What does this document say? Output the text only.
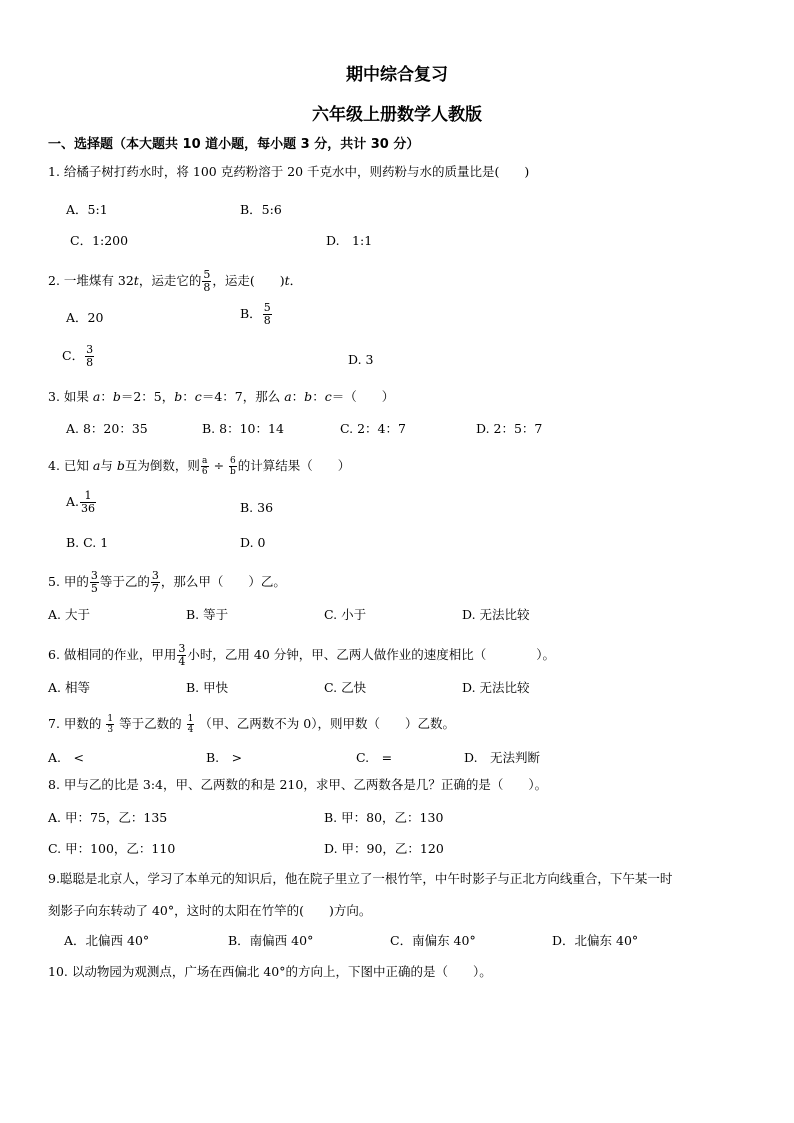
期中综合复习
六年级上册数学人教版
一、选择题（本大题共 10 道小题，每小题 3 分，共计 30 分）
1. 给橘子树打药水时，将 100 克药粉溶于 20 千克水中，则药粉与水的质量比是(　　)
A．5:1	B．5:6
C．1:200	D.　1:1
2. 一堆煤有 32t，运走它的 $\frac{5}{8}$ ，运走(　　)t．
A．20	B． $\frac{5}{8}$
C． $\frac{3}{8}$	D. 3
3. 如果 a：b＝2：5，b：c＝4：7，那么 a：b：c＝（　　）
A. 8：20：35	B. 8：10：14	C. 2：4：7	D. 2：5：7
4. 已知 a与 b互为倒数，则 $\frac{a}{6} \div \frac{6}{b}$ 的计算结果（　　）
A. $\frac{1}{36}$	B. 36
B. C. 1	D. 0
5. 甲的 $\frac{3}{5}$ 等于乙的 $\frac{3}{7}$ ，那么甲（　　）乙。
A. 大于	B. 等于	C. 小于	D. 无法比较
6. 做相同的作业，甲用 $\frac{3}{4}$ 小时，乙用 40 分钟，甲、乙两人做作业的速度相比（　　　　）。
A. 相等	B. 甲快	C. 乙快	D. 无法比较
7. 甲数的 $\frac{1}{3}$ 等于乙数的 $\frac{1}{4}$ （甲、乙两数不为 0），则甲数（　　）乙数。
A.　<	B.　>	C.　=	D.　无法判断
8. 甲与乙的比是 3:4，甲、乙两数的和是 210，求甲、乙两数各是几？正确的是（　　）。
A. 甲：75，乙：135	B. 甲：80，乙：130
C. 甲：100，乙：110	D. 甲：90，乙：120
9.聪聪是北京人，学习了本单元的知识后，他在院子里立了一根竹竿，中午时影子与正北方向线重合，下午某一时
刻影子向东转动了 40°，这时的太阳在竹竿的(　　)方向。
A．北偏西 40°	B．南偏西 40°	C．南偏东 40°	D．北偏东 40°
10. 以动物园为观测点，广场在西偏北 40°的方向上，下图中正确的是（　　）。
